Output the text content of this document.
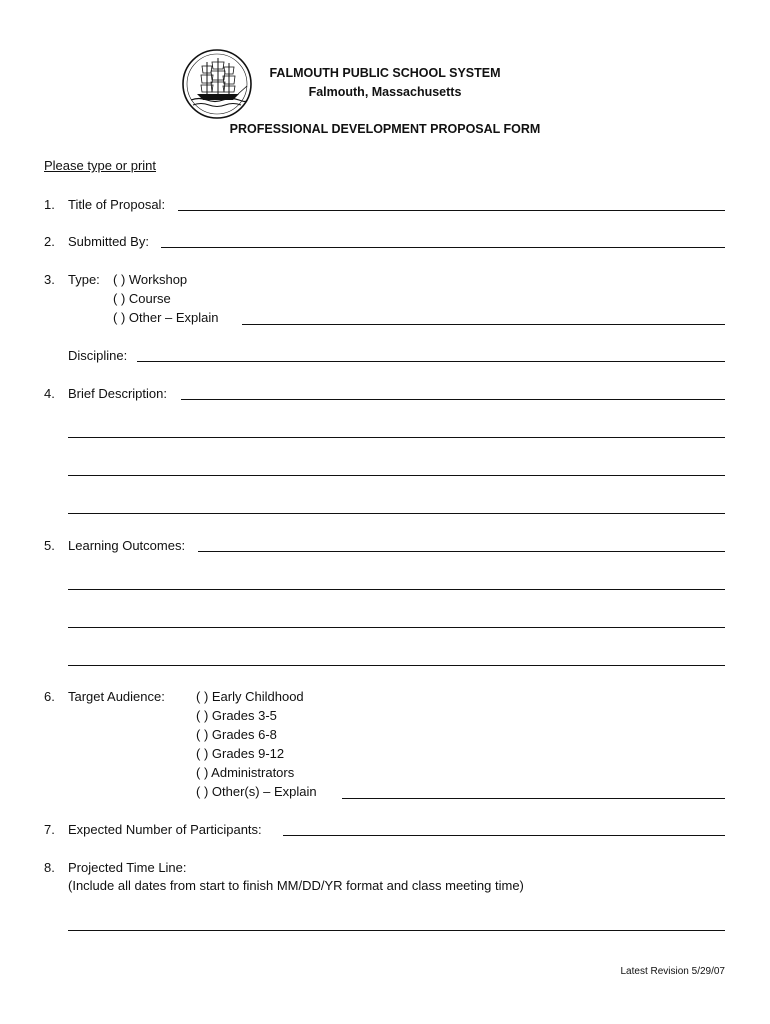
FALMOUTH PUBLIC SCHOOL SYSTEM
Falmouth, Massachusetts
PROFESSIONAL DEVELOPMENT PROPOSAL FORM
Please type or print
1. Title of Proposal:
2. Submitted By:
3. Type: ( ) Workshop
( ) Course
( ) Other – Explain
Discipline:
4. Brief Description:
5. Learning Outcomes:
6. Target Audience: ( ) Early Childhood
( ) Grades 3-5
( ) Grades 6-8
( ) Grades 9-12
( ) Administrators
( ) Other(s) – Explain
7. Expected Number of Participants:
8. Projected Time Line:
(Include all dates from start to finish MM/DD/YR format and class meeting time)
Latest Revision 5/29/07
